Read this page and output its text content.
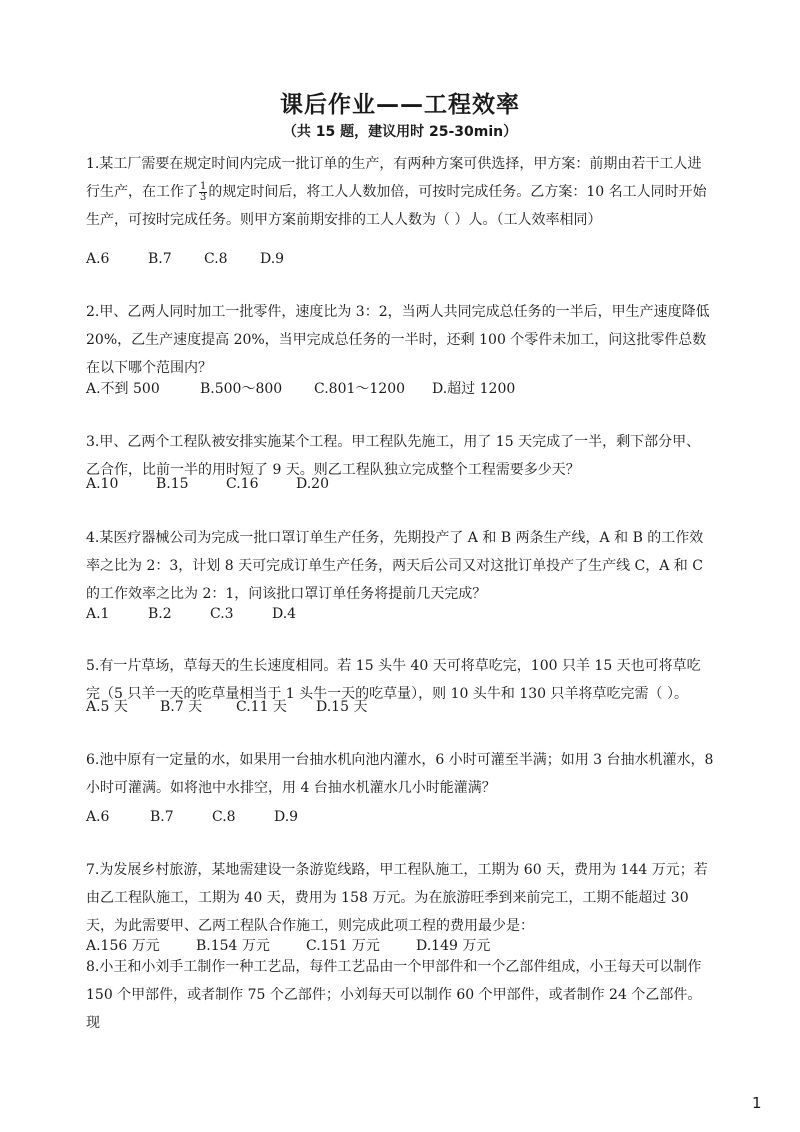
课后作业——工程效率
（共 15 题，建议用时 25-30min）

1.某工厂需要在规定时间内完成一批订单的生产，有两种方案可供选择，甲方案：前期由若干工人进行生产，在工作了 $\frac{1}{3}$ 的规定时间后，将工人人数加倍，可按时完成任务。乙方案：10 名工人同时开始生产，可按时完成任务。则甲方案前期安排的工人人数为（ ）人。（工人效率相同）

A.6	B.7 C.8 D.9

2.甲、乙两人同时加工一批零件，速度比为 3：2，当两人共同完成总任务的一半后，甲生产速度降低 20%，乙生产速度提高 20%，当甲完成总任务的一半时，还剩 100 个零件未加工，问这批零件总数在以下哪个范围内？

A.不到 500	B.500～800 C.801～1200 D.超过 1200

3.甲、乙两个工程队被安排实施某个工程。甲工程队先施工，用了 15 天完成了一半，剩下部分甲、乙合作，比前一半的用时短了 9 天。则乙工程队独立完成整个工程需要多少天？

A.10	B.15	C.16	D.20

4.某医疗器械公司为完成一批口罩订单生产任务，先期投产了 A 和 B 两条生产线，A 和 B 的工作效率之比为 2：3，计划 8 天可完成订单生产任务，两天后公司又对这批订单投产了生产线 C，A 和 C 的工作效率之比为 2：1，问该批口罩订单任务将提前几天完成？

A.1	B.2	C.3	D.4

5.有一片草场，草每天的生长速度相同。若 15 头牛 40 天可将草吃完，100 只羊 15 天也可将草吃完（5 只羊一天的吃草量相当于 1 头牛一天的吃草量），则 10 头牛和 130 只羊将草吃完需（ ）。

A.5 天 B.7 天 C.11 天 D.15 天

6.池中原有一定量的水，如果用一台抽水机向池内灌水，6 小时可灌至半满；如用 3 台抽水机灌水，8 小时可灌满。如将池中水排空，用 4 台抽水机灌水几小时能灌满？

A.6	B.7	C.8	D.9

7.为发展乡村旅游，某地需建设一条游览线路，甲工程队施工，工期为 60 天，费用为 144 万元；若由乙工程队施工，工期为 40 天，费用为 158 万元。为在旅游旺季到来前完工，工期不能超过 30 天，为此需要甲、乙两工程队合作施工，则完成此项工程的费用最少是：

A.156 万元	B.154 万元	C.151 万元	D.149 万元

8.小王和小刘手工制作一种工艺品，每件工艺品由一个甲部件和一个乙部件组成，小王每天可以制作 150 个甲部件，或者制作 75 个乙部件；小刘每天可以制作 60 个甲部件，或者制作 24 个乙部件。现

1
